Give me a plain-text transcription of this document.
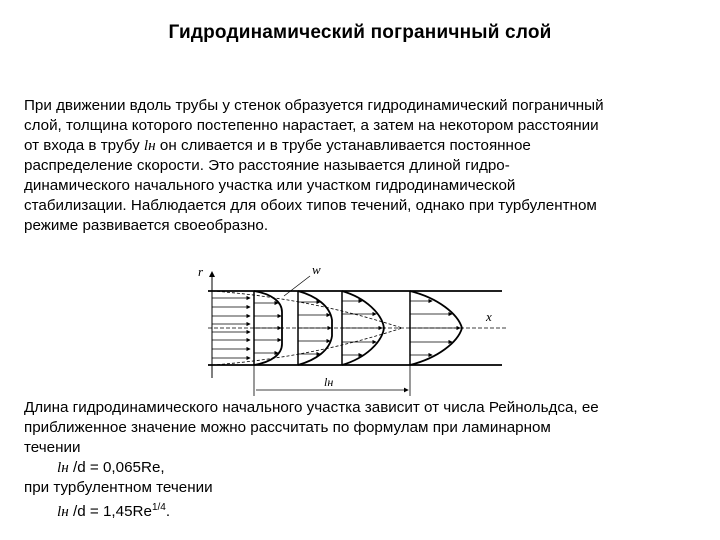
Гидродинамический пограничный слой
При движении вдоль трубы у стенок образуется гидродинамический пограничный
слой, толщина которого постепенно нарастает, а затем на некотором расстоянии
от входа в трубу lн он сливается и в трубе устанавливается постоянное
распределение скорости. Это расстояние называется длиной гидро-
динамического начального участка или участком гидродинамической
стабилизации. Наблюдается для обоих типов течений, однако при турбулентном
режиме развивается своеобразно.
r	w
x
lн
Длина гидродинамического начального участка зависит от числа Рейнольдса, ее
приближенное значение можно рассчитать по формулам при ламинарном
течении
lн /d = 0,065Re,
при турбулентном течении
lн $/d = 1,45Re^{1/4}$.
